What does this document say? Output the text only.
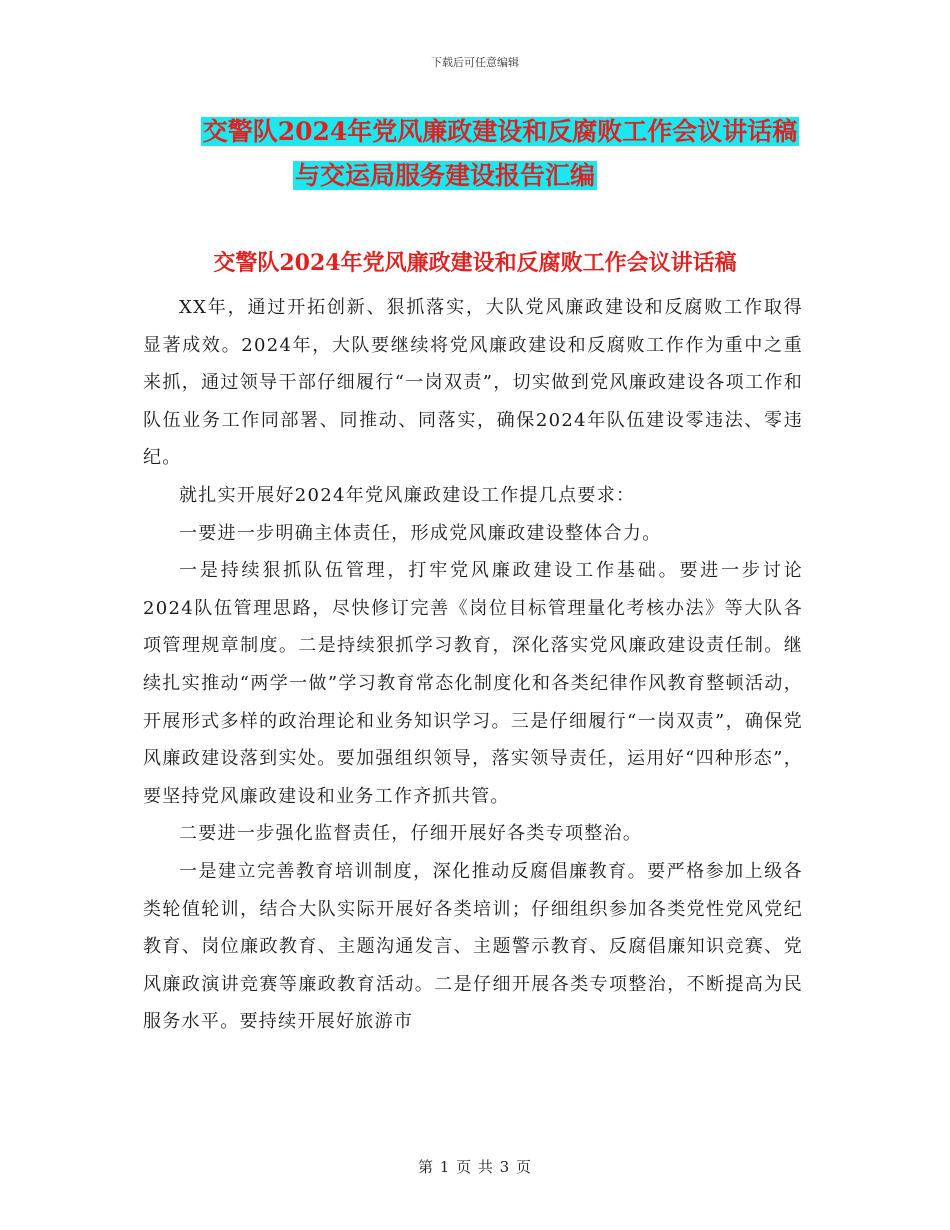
下载后可任意编辑
交警队2024年党风廉政建设和反腐败工作会议讲话稿
与交运局服务建设报告汇编
交警队2024年党风廉政建设和反腐败工作会议讲话稿

XX年，通过开拓创新、狠抓落实，大队党风廉政建设和反腐败工作取得显著成效。2024年，大队要继续将党风廉政建设和反腐败工作作为重中之重来抓，通过领导干部仔细履行“一岗双责”，切实做到党风廉政建设各项工作和队伍业务工作同部署、同推动、同落实，确保2024年队伍建设零违法、零违纪。

就扎实开展好2024年党风廉政建设工作提几点要求：

一要进一步明确主体责任，形成党风廉政建设整体合力。

一是持续狠抓队伍管理，打牢党风廉政建设工作基础。要进一步讨论2024队伍管理思路，尽快修订完善《岗位目标管理量化考核办法》等大队各项管理规章制度。二是持续狠抓学习教育，深化落实党风廉政建设责任制。继续扎实推动“两学一做”学习教育常态化制度化和各类纪律作风教育整顿活动，开展形式多样的政治理论和业务知识学习。三是仔细履行“一岗双责”，确保党风廉政建设落到实处。要加强组织领导，落实领导责任，运用好“四种形态”，要坚持党风廉政建设和业务工作齐抓共管。

二要进一步强化监督责任，仔细开展好各类专项整治。

一是建立完善教育培训制度，深化推动反腐倡廉教育。要严格参加上级各类轮值轮训，结合大队实际开展好各类培训；仔细组织参加各类党性党风党纪教育、岗位廉政教育、主题沟通发言、主题警示教育、反腐倡廉知识竞赛、党风廉政演讲竞赛等廉政教育活动。二是仔细开展各类专项整治，不断提高为民服务水平。要持续开展好旅游市

第 1 页 共 3 页
